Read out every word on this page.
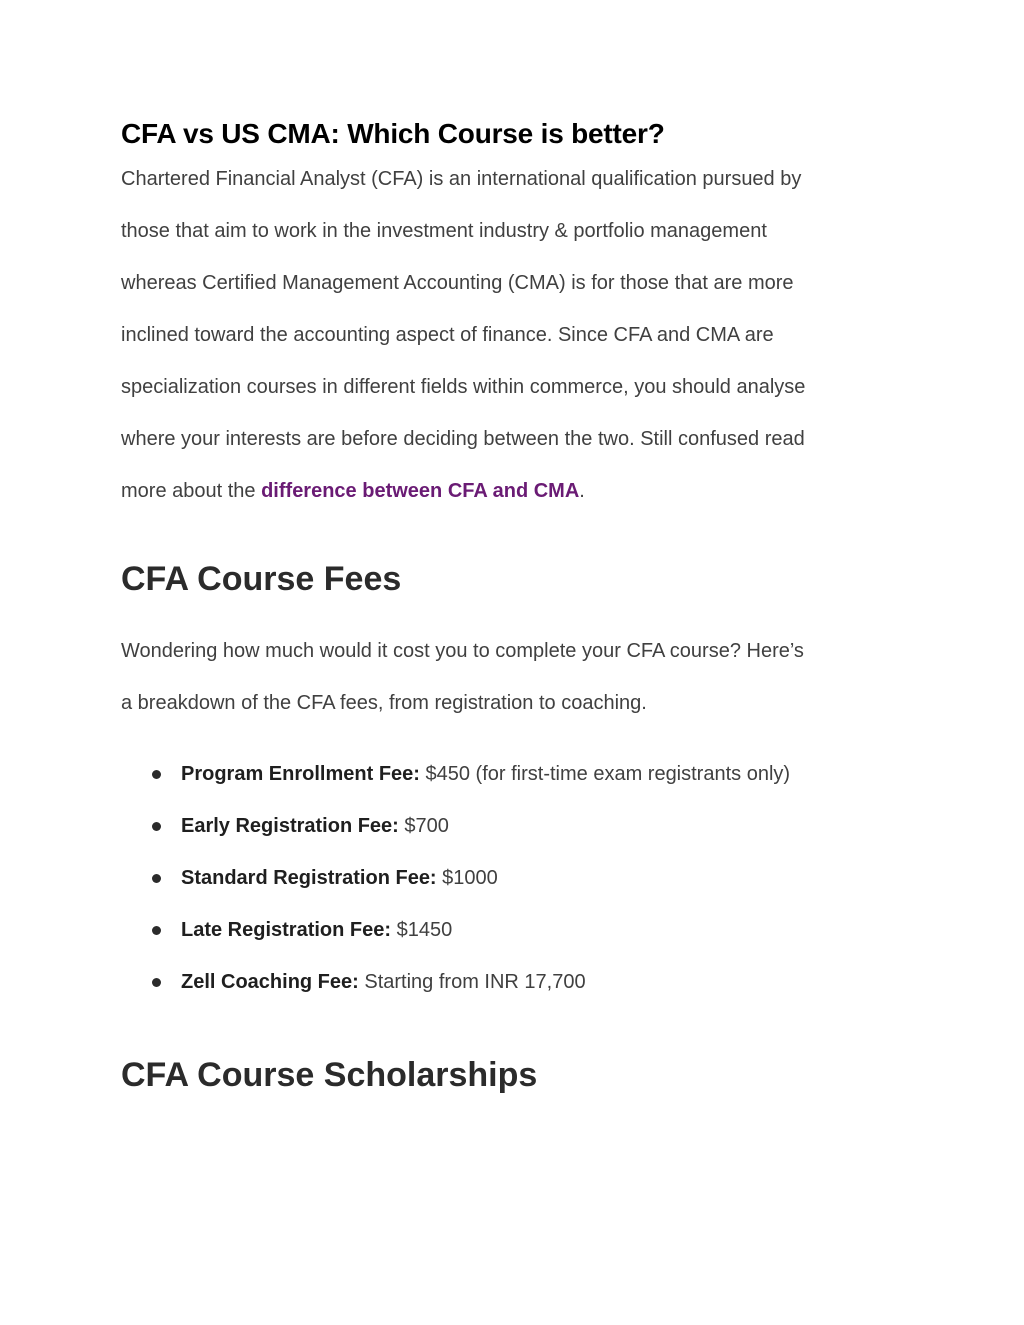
CFA vs US CMA: Which Course is better?

Chartered Financial Analyst (CFA) is an international qualification pursued by
those that aim to work in the investment industry & portfolio management
whereas Certified Management Accounting (CMA) is for those that are more
inclined toward the accounting aspect of finance. Since CFA and CMA are
specialization courses in different fields within commerce, you should analyse
where your interests are before deciding between the two. Still confused read
more about the difference between CFA and CMA.

CFA Course Fees

Wondering how much would it cost you to complete your CFA course? Here’s
a breakdown of the CFA fees, from registration to coaching.

Program Enrollment Fee: $450 (for first-time exam registrants only)
Early Registration Fee: $700
Standard Registration Fee: $1000
Late Registration Fee: $1450
Zell Coaching Fee: Starting from INR 17,700
CFA Course Scholarships
